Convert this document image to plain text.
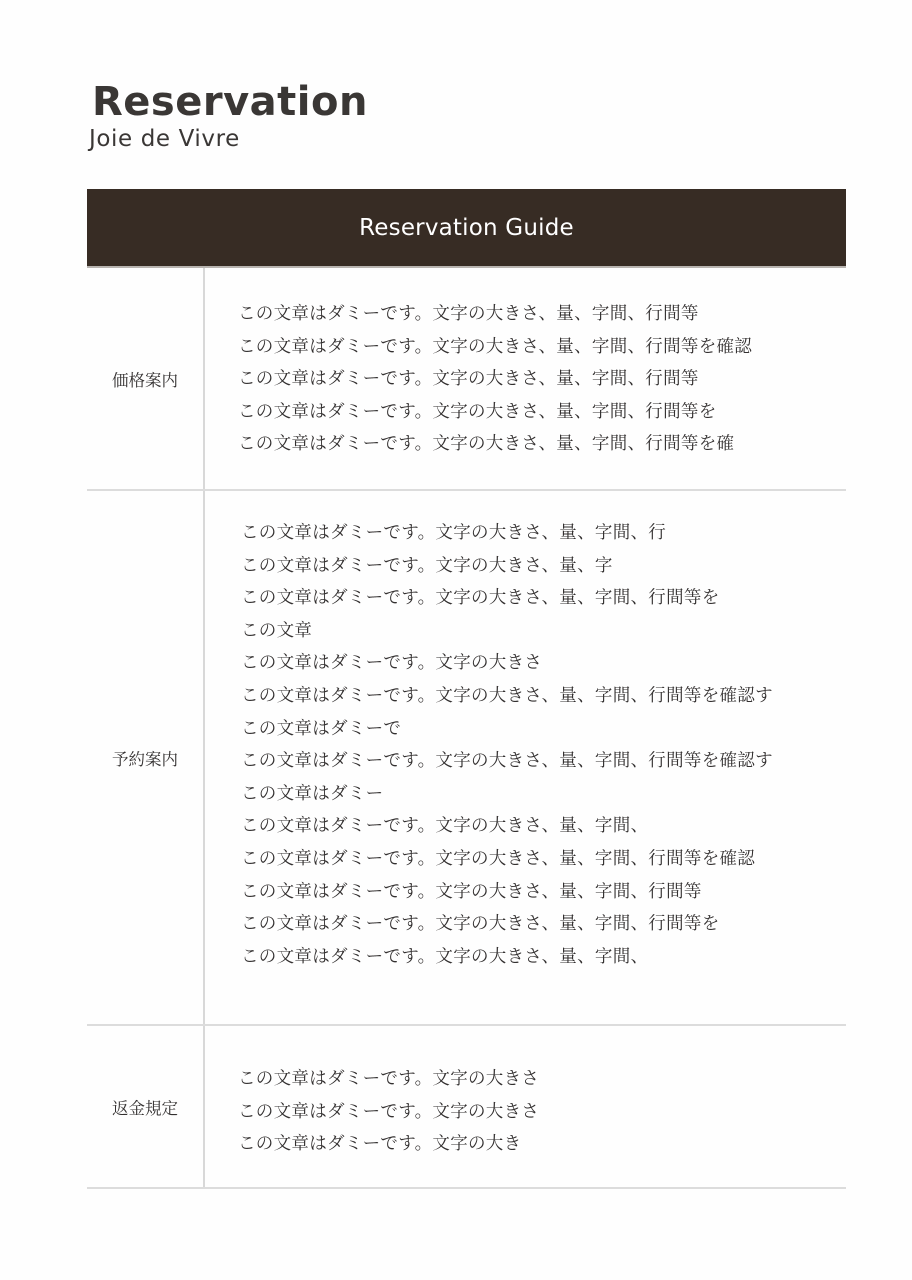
Reservation

Joie de Vivre

Reservation Guide
価格案内
この文章はダミーです。文字の大きさ、量、字間、行間等
この文章はダミーです。文字の大きさ、量、字間、行間等を確認
この文章はダミーです。文字の大きさ、量、字間、行間等
この文章はダミーです。文字の大きさ、量、字間、行間等を
この文章はダミーです。文字の大きさ、量、字間、行間等を確
予約案内
この文章はダミーです。文字の大きさ、量、字間、行
この文章はダミーです。文字の大きさ、量、字
この文章はダミーです。文字の大きさ、量、字間、行間等を
この文章
この文章はダミーです。文字の大きさ
この文章はダミーです。文字の大きさ、量、字間、行間等を確認す
この文章はダミーで
この文章はダミーです。文字の大きさ、量、字間、行間等を確認す
この文章はダミー
この文章はダミーです。文字の大きさ、量、字間、
この文章はダミーです。文字の大きさ、量、字間、行間等を確認
この文章はダミーです。文字の大きさ、量、字間、行間等
この文章はダミーです。文字の大きさ、量、字間、行間等を
この文章はダミーです。文字の大きさ、量、字間、
返金規定
この文章はダミーです。文字の大きさ
この文章はダミーです。文字の大きさ
この文章はダミーです。文字の大き
